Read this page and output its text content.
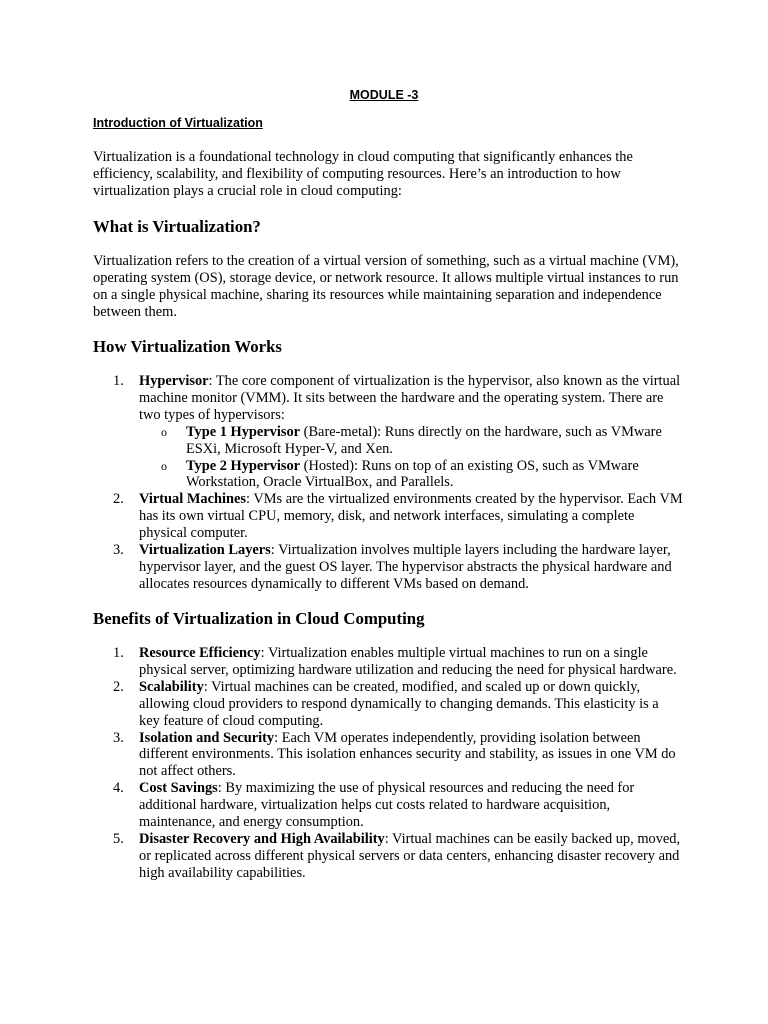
MODULE -3

Introduction of Virtualization

Virtualization is a foundational technology in cloud computing that significantly enhances the efficiency, scalability, and flexibility of computing resources. Here’s an introduction to how virtualization plays a crucial role in cloud computing:

What is Virtualization?

Virtualization refers to the creation of a virtual version of something, such as a virtual machine (VM), operating system (OS), storage device, or network resource. It allows multiple virtual instances to run on a single physical machine, sharing its resources while maintaining separation and independence between them.

How Virtualization Works
1. Hypervisor: The core component of virtualization is the hypervisor, also known as the virtual machine monitor (VMM). It sits between the hardware and the operating system. There are two types of hypervisors:
o Type 1 Hypervisor (Bare-metal): Runs directly on the hardware, such as VMware ESXi, Microsoft Hyper-V, and Xen.
o Type 2 Hypervisor (Hosted): Runs on top of an existing OS, such as VMware Workstation, Oracle VirtualBox, and Parallels.
2. Virtual Machines: VMs are the virtualized environments created by the hypervisor. Each VM has its own virtual CPU, memory, disk, and network interfaces, simulating a complete physical computer.
3. Virtualization Layers: Virtualization involves multiple layers including the hardware layer, hypervisor layer, and the guest OS layer. The hypervisor abstracts the physical hardware and allocates resources dynamically to different VMs based on demand.
Benefits of Virtualization in Cloud Computing
1. Resource Efficiency: Virtualization enables multiple virtual machines to run on a single physical server, optimizing hardware utilization and reducing the need for physical hardware.
2. Scalability: Virtual machines can be created, modified, and scaled up or down quickly, allowing cloud providers to respond dynamically to changing demands. This elasticity is a key feature of cloud computing.
3. Isolation and Security: Each VM operates independently, providing isolation between different environments. This isolation enhances security and stability, as issues in one VM do not affect others.
4. Cost Savings: By maximizing the use of physical resources and reducing the need for additional hardware, virtualization helps cut costs related to hardware acquisition, maintenance, and energy consumption.
5. Disaster Recovery and High Availability: Virtual machines can be easily backed up, moved, or replicated across different physical servers or data centers, enhancing disaster recovery and high availability capabilities.
